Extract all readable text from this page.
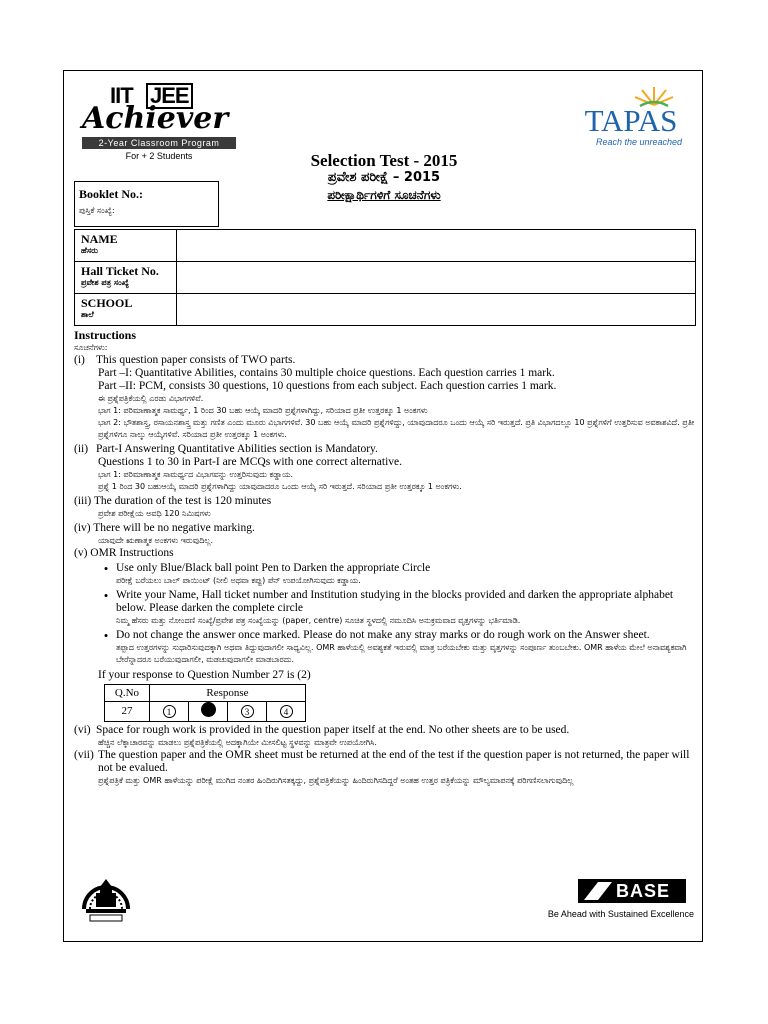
IIT JEE
Achiever
2-Year Classroom Program
For + 2 Students
TAPAS
Reach the unreached
Selection Test - 2015
ಪ್ರವೇಶ ಪರೀಕ್ಷೆ – 2015
ಪರೀಕ್ಷಾರ್ಥಿಗಳಿಗೆ ಸೂಚನೆಗಳು
Booklet No.:
ಪುಸ್ತಿಕೆ ಸಂಖ್ಯೆ:
NAME
ಹೆಸರು	

Hall Ticket No.
ಪ್ರವೇಶ ಪತ್ರ ಸಂಖ್ಯೆ	

SCHOOL
ಶಾಲೆ	

Instructions
ಸೂಚನೆಗಳು:
(i) This question paper consists of TWO parts.
Part –I: Quantitative Abilities, contains 30 multiple choice questions. Each question carries 1 mark.
Part –II: PCM, consists 30 questions, 10 questions from each subject. Each question carries 1 mark.
ಈ ಪ್ರಶ್ನೆಪತ್ರಿಕೆಯಲ್ಲಿ ಎರಡು ವಿಭಾಗಗಳಿವೆ.
ಭಾಗ 1: ಪರಿಮಾಣಾತ್ಮಕ ಸಾಮರ್ಥ್ಯ, 1 ರಿಂದ 30 ಬಹು ಆಯ್ಕೆ ಮಾದರಿ ಪ್ರಶ್ನೆಗಳಾಗಿದ್ದು, ಸರಿಯಾದ ಪ್ರತೀ ಉತ್ತರಕ್ಕೂ 1 ಅಂಕಗಳು
ಭಾಗ 2: ಭೌತಶಾಸ್ತ್ರ, ರಸಾಯನಶಾಸ್ತ್ರ ಮತ್ತು ಗಣಿತ ಎಂದು ಮೂರು ವಿಭಾಗಗಳಿವೆ. 30 ಬಹು ಆಯ್ಕೆ ಮಾದರಿ ಪ್ರಶ್ನೆಗಳಿದ್ದು, ಯಾವುದಾದರೂ ಒಂದು ಆಯ್ಕೆ ಸರಿ ಇರುತ್ತದೆ. ಪ್ರತಿ ವಿಭಾಗದಲ್ಲೂ 10 ಪ್ರಶ್ನೆಗಳಿಗೆ ಉತ್ತರಿಸುವ ಅವಕಾಶವಿದೆ. ಪ್ರತೀ ಪ್ರಶ್ನೆಗಳಿಗೂ ನಾಲ್ಕು ಆಯ್ಕೆಗಳಿವೆ. ಸರಿಯಾದ ಪ್ರತೀ ಉತ್ತರಕ್ಕೂ 1 ಅಂಕಗಳು.
(ii) Part-I Answering Quantitative Abilities section is Mandatory.
Questions 1 to 30 in Part-I are MCQs with one correct alternative.
ಭಾಗ 1: ಪರಿಮಾಣಾತ್ಮಕ ಸಾಮರ್ಥ್ಯದ ವಿಭಾಗವನ್ನು ಉತ್ತರಿಸುವುದು ಕಡ್ಡಾಯ.
ಪ್ರಶ್ನೆ 1 ರಿಂದ 30 ಬಹುಆಯ್ಕೆ ಮಾದರಿ ಪ್ರಶ್ನೆಗಳಾಗಿದ್ದು ಯಾವುದಾದರೂ ಒಂದು ಆಯ್ಕೆ ಸರಿ ಇರುತ್ತದೆ. ಸರಿಯಾದ ಪ್ರತೀ ಉತ್ತರಕ್ಕೂ 1 ಅಂಕಗಳು.
(iii) The duration of the test is 120 minutes
ಪ್ರವೇಶ ಪರೀಕ್ಷೆಯ ಅವಧಿ 120 ನಿಮಿಷಗಳು
(iv) There will be no negative marking.
ಯಾವುದೇ ಋಣಾತ್ಮಕ ಅಂಕಗಳು ಇರುವುದಿಲ್ಲ.
(v) OMR Instructions
• Use only Blue/Black ball point Pen to Darken the appropriate Circle
ಪರೀಕ್ಷೆ ಬರೆಯಲು ಬಾಲ್ ಪಾಯಿಂಟ್ (ನೀಲಿ ಅಥವಾ ಕಪ್ಪು) ಪೆನ್ ಉಪಯೋಗಿಸುವುದು ಕಡ್ಡಾಯ.
• Write your Name, Hall ticket number and Institution studying in the blocks provided and darken the appropriate alphabet below. Please darken the complete circle
ನಿಮ್ಮ ಹೆಸರು ಮತ್ತು ನೋಂದಣಿ ಸಂಖ್ಯೆ/ಪ್ರವೇಶ ಪತ್ರ ಸಂಖ್ಯೆಯನ್ನು (paper, centre) ಸೂಚಿತ ಸ್ಥಳದಲ್ಲಿ ನಮೂದಿಸಿ ಅನುಕ್ರಮವಾದ ವೃತ್ತಗಳನ್ನು ಭರ್ತಿಮಾಡಿ.
• Do not change the answer once marked. Please do not make any stray marks or do rough work on the Answer sheet.
ತಪ್ಪಾದ ಉತ್ತರಗಳನ್ನು ಸುಧಾರಿಸುವುದಕ್ಕಾಗಿ ಅಥವಾ ತಿದ್ದುವುದಾಗಲೀ ಸಾಧ್ಯವಿಲ್ಲ. OMR ಹಾಳೆಯಲ್ಲಿ ಅವಶ್ಯಕತೆ ಇರುವಲ್ಲಿ ಮಾತ್ರ ಬರೆಯಬೇಕು ಮತ್ತು ವೃತ್ತಗಳನ್ನು ಸಂಪೂರ್ಣ ತುಂಬಬೇಕು. OMR ಹಾಳೆಯ ಮೇಲೆ ಅನಾವಶ್ಯಕವಾಗಿ ಬೇರೆನ್ನಾದರೂ ಬರೆಯುವುದಾಗಲೀ, ಮಡಚುವುದಾಗಲೀ ಮಾಡಬಾರದು.
If your response to Question Number 27 is (2)
Q.No	Response			
27	1		3	4
(vi) Space for rough work is provided in the question paper itself at the end. No other sheets are to be used.
ಹೆಚ್ಚಿನ ಲೆಕ್ಕಾಚಾರವನ್ನು ಮಾಡಲು ಪ್ರಶ್ನೆಪತ್ರಿಕೆಯಲ್ಲಿ ಅದಕ್ಕಾಗಿಯೇ ಮೀಸಲಿಟ್ಟ ಸ್ಥಳವನ್ನು ಮಾತ್ರವೇ ಉಪಯೋಗಿಸಿ.
(vii) The question paper and the OMR sheet must be returned at the end of the test if the question paper is not returned, the paper will not be evalued.
ಪ್ರಶ್ನೆಪತ್ರಿಕೆ ಮತ್ತು OMR ಹಾಳೆಯನ್ನು ಪರೀಕ್ಷೆ ಮುಗಿದ ನಂತರ ಹಿಂದಿರುಗಿಸತಕ್ಕದ್ದು, ಪ್ರಶ್ನೆಪತ್ರಿಕೆಯನ್ನು ಹಿಂದಿರುಗಿಸದಿದ್ದರೆ ಅಂತಹ ಉತ್ತರ ಪತ್ರಿಕೆಯನ್ನು ಮೌಲ್ಯಮಾಪನಕ್ಕೆ ಪರಿಗಣಿಸಲಾಗುವುದಿಲ್ಲ
BASE
Be Ahead with Sustained Excellence
